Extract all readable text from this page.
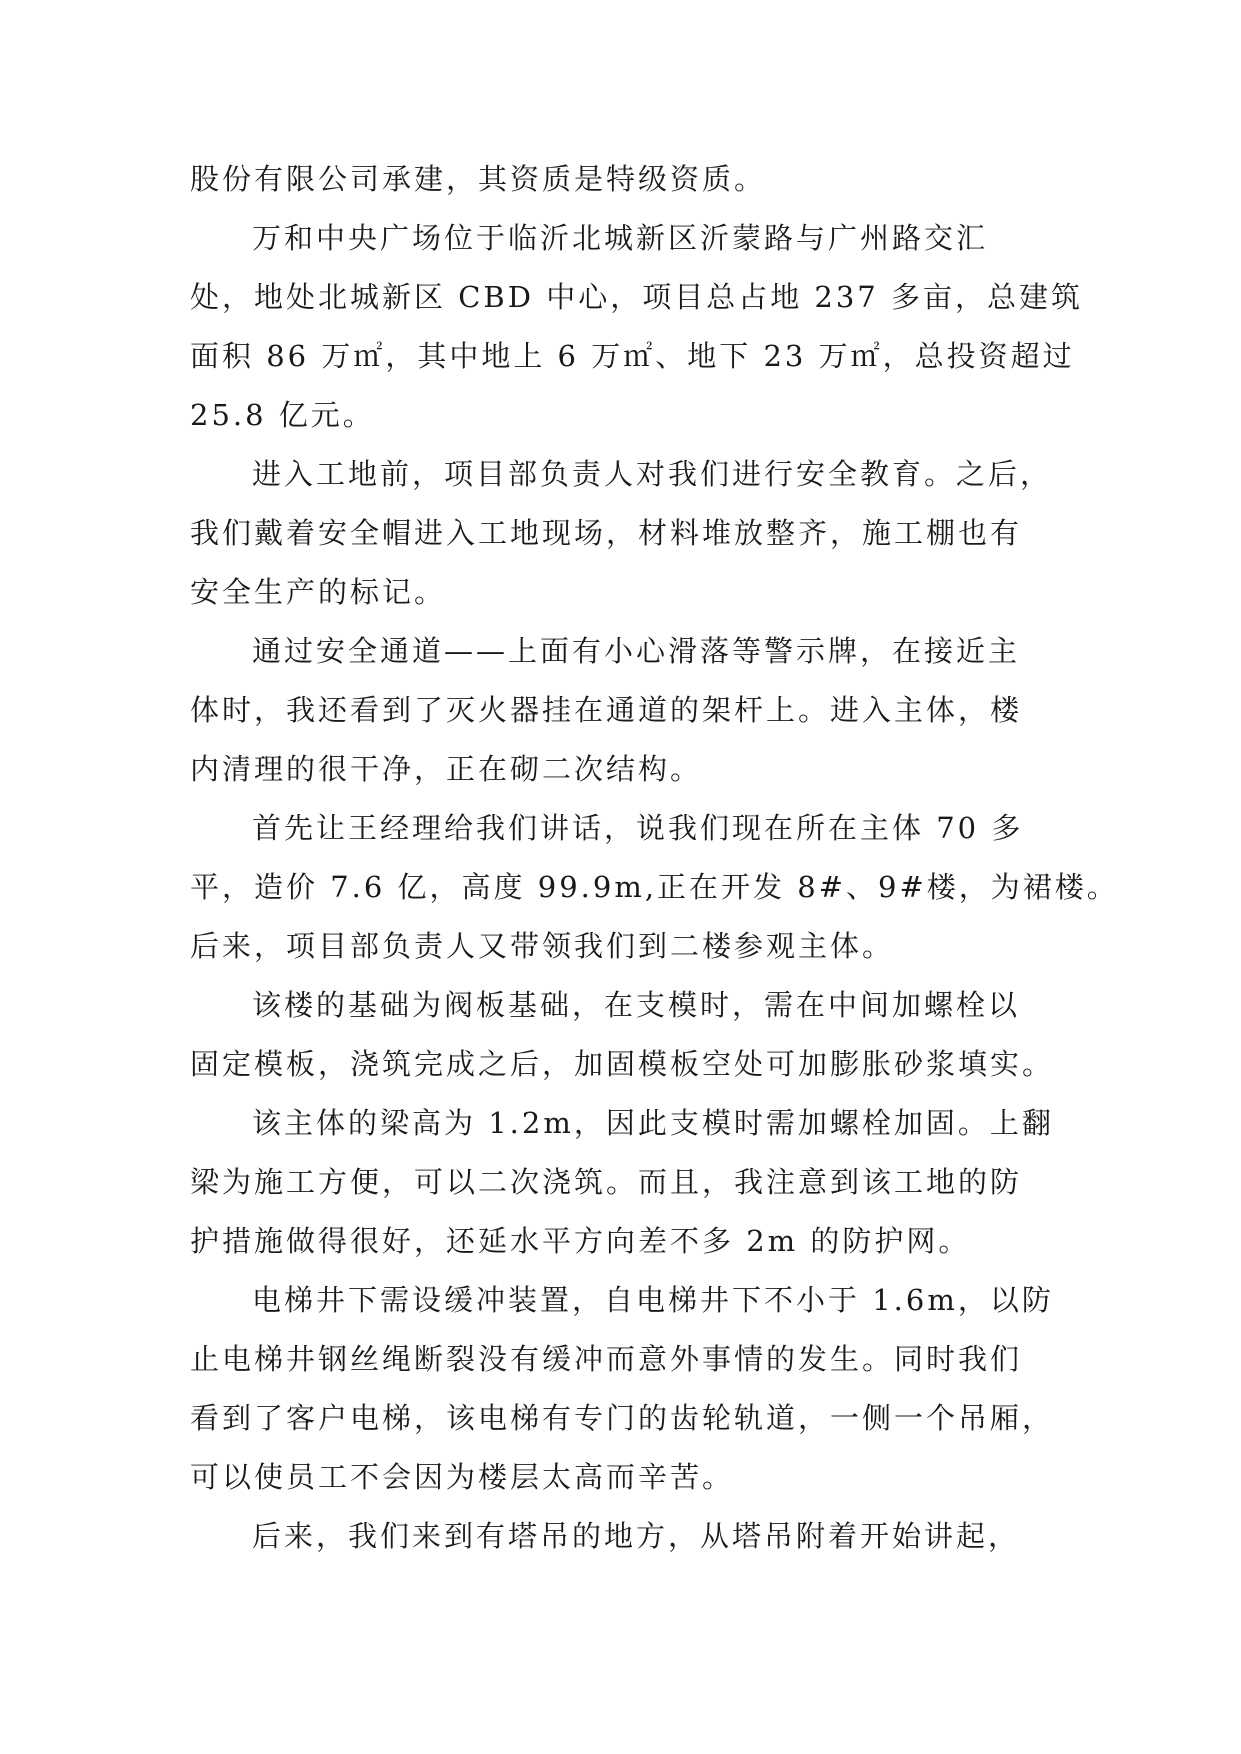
股份有限公司承建，其资质是特级资质。
万和中央广场位于临沂北城新区沂蒙路与广州路交汇
处，地处北城新区 CBD 中心，项目总占地 237 多亩，总建筑
面积 86 万㎡，其中地上 6 万㎡、地下 23 万㎡，总投资超过
25.8 亿元。
进入工地前，项目部负责人对我们进行安全教育。之后，
我们戴着安全帽进入工地现场，材料堆放整齐，施工棚也有
安全生产的标记。
通过安全通道——上面有小心滑落等警示牌，在接近主
体时，我还看到了灭火器挂在通道的架杆上。进入主体，楼
内清理的很干净，正在砌二次结构。
首先让王经理给我们讲话，说我们现在所在主体 70 多
平，造价 7.6 亿，高度 99.9m,正在开发 8#、9#楼，为裙楼。
后来，项目部负责人又带领我们到二楼参观主体。
该楼的基础为阀板基础，在支模时，需在中间加螺栓以
固定模板，浇筑完成之后，加固模板空处可加膨胀砂浆填实。
该主体的梁高为 1.2m，因此支模时需加螺栓加固。上翻
梁为施工方便，可以二次浇筑。而且，我注意到该工地的防
护措施做得很好，还延水平方向差不多 2m 的防护网。
电梯井下需设缓冲装置，自电梯井下不小于 1.6m，以防
止电梯井钢丝绳断裂没有缓冲而意外事情的发生。同时我们
看到了客户电梯，该电梯有专门的齿轮轨道，一侧一个吊厢，
可以使员工不会因为楼层太高而辛苦。
后来，我们来到有塔吊的地方，从塔吊附着开始讲起，
